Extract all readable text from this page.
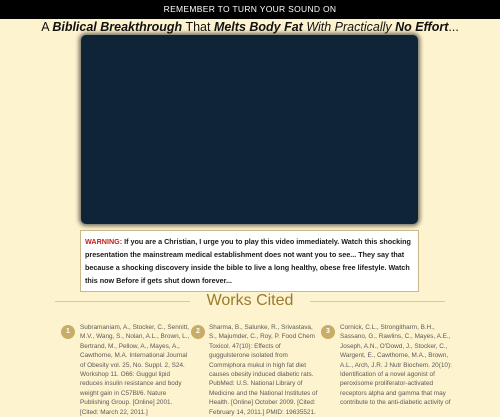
REMEMBER TO TURN YOUR SOUND ON
A Biblical Breakthrough That Melts Body Fat With Practically No Effort...
WARNING: If you are a Christian, I urge you to play this video immediately. Watch this shocking presentation the mainstream medical establishment does not want you to see... They say that because a shocking discovery inside the bible to live a long healthy, obese free lifestyle. Watch this now Before if gets shut down forever...
Works Cited
1
Subramaniam, A., Stocker, C., Sennitt, M.V., Wang, S., Nolan, A.L., Brown, L., Bertrand, M., Pellow, A., Mayes, A., Cawthorne, M.A. International Journal of Obesity vol. 25, No. Suppl. 2, S24. Workshop 11. O66: Guggul lipid reduces insulin resistance and body weight gain in C57Bl/6. Nature Publishing Group. [Online] 2001. [Cited: March 22, 2011.]
2
Sharma, B., Salunke, R., Srivastava, S., Majumder, C., Roy, P. Food Chem Toxicol. 47(10): Effects of guggulsterone isolated from Commiphora mukul in high fat diet causes obesity induced diabetic rats. PubMed: U.S. National Library of Medicine and the National Institutes of Health. [Online] October 2009. [Cited: February 14, 2011.] PMID: 19635521.
3
Cornick, C.L., Strongitharm, B.H., Sassano, G., Rawlins, C., Mayes, A.E., Joseph, A.N., O'Dowd, J., Stocker, C., Wargent, E., Cawthorne, M.A., Brown, A.L., Arch, J.R. J Nutr Biochem. 20(10): Identification of a novel agonist of peroxisome proliferator-activated receptors alpha and gamma that may contribute to the anti-diabetic activity of
